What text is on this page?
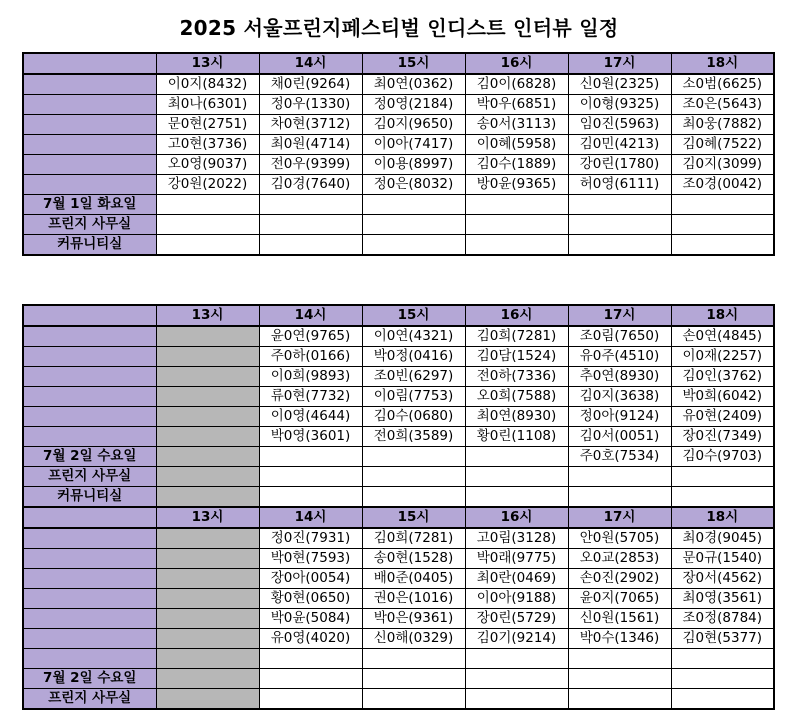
2025 서울프린지페스티벌 인디스트 인터뷰 일정
	13시	14시	15시	16시	17시	18시
	이0지(8432)	채0린(9264)	최0연(0362)	김0이(6828)	신0원(2325)	소0범(6625)
	최0나(6301)	정0우(1330)	정0영(2184)	박0우(6851)	이0형(9325)	조0은(5643)
	문0현(2751)	차0현(3712)	김0지(9650)	송0서(3113)	임0진(5963)	최0웅(7882)
	고0현(3736)	최0원(4714)	이0아(7417)	이0혜(5958)	김0민(4213)	김0혜(7522)
	오0영(9037)	전0우(9399)	이0용(8997)	김0수(1889)	강0린(1780)	김0지(3099)
	강0원(2022)	김0경(7640)	정0은(8032)	방0윤(9365)	허0영(6111)	조0경(0042)
7월 1일 화요일						
프린지 사무실						
커뮤니티실						
	13시	14시	15시	16시	17시	18시
		윤0연(9765)	이0연(4321)	김0희(7281)	조0림(7650)	손0연(4845)
		주0하(0166)	박0정(0416)	김0담(1524)	유0주(4510)	이0재(2257)
		이0희(9893)	조0빈(6297)	전0하(7336)	추0연(8930)	김0인(3762)
		류0현(7732)	이0림(7753)	오0희(7588)	김0지(3638)	박0희(6042)
		이0영(4644)	김0수(0680)	최0연(8930)	정0아(9124)	유0현(2409)
		박0영(3601)	전0희(3589)	황0린(1108)	김0서(0051)	장0진(7349)
7월 2일 수요일					주0호(7534)	김0수(9703)
프린지 사무실						
커뮤니티실						
	13시	14시	15시	16시	17시	18시
		정0진(7931)	김0희(7281)	고0림(3128)	안0원(5705)	최0경(9045)
		박0현(7593)	송0현(1528)	박0래(9775)	오0교(2853)	문0규(1540)
		장0아(0054)	배0준(0405)	최0란(0469)	손0진(2902)	장0서(4562)
		황0현(0650)	권0은(1016)	이0아(9188)	윤0지(7065)	최0영(3561)
		박0윤(5084)	박0은(9361)	장0린(5729)	신0원(1561)	조0정(8784)
		유0영(4020)	신0해(0329)	김0기(9214)	박0수(1346)	김0현(5377)

7월 2일 수요일						
프린지 사무실						
